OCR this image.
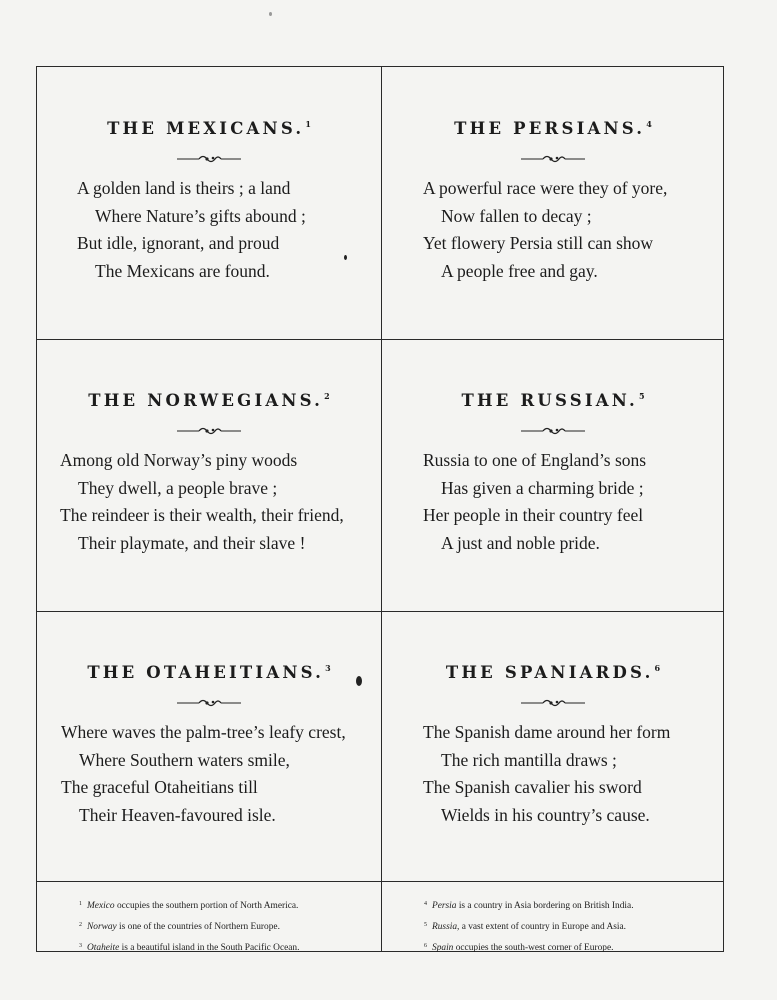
THE MEXICANS.$^1$
A golden land is theirs ; a land
Where Nature’s gifts abound ;
But idle, ignorant, and proud
The Mexicans are found.
THE PERSIANS.$^4$
A powerful race were they of yore,
Now fallen to decay ;
Yet flowery Persia still can show
A people free and gay.
THE NORWEGIANS.$^2$
Among old Norway’s piny woods
They dwell, a people brave ;
The reindeer is their wealth, their friend,
Their playmate, and their slave !
THE RUSSIAN.$^5$
Russia to one of England’s sons
Has given a charming bride ;
Her people in their country feel
A just and noble pride.
THE OTAHEITIANS.$^3$
Where waves the palm-tree’s leafy crest,
Where Southern waters smile,
The graceful Otaheitians till
Their Heaven-favoured isle.
THE SPANIARDS.$^6$
The Spanish dame around her form
The rich mantilla draws ;
The Spanish cavalier his sword
Wields in his country’s cause.
$^1$ Mexico occupies the southern portion of North America.
$^2$ Norway is one of the countries of Northern Europe.
$^3$ Otaheite is a beautiful island in the South Pacific Ocean.
$^4$ Persia is a country in Asia bordering on British India.
$^5$ Russia, a vast extent of country in Europe and Asia.
$^6$ Spain occupies the south-west corner of Europe.
